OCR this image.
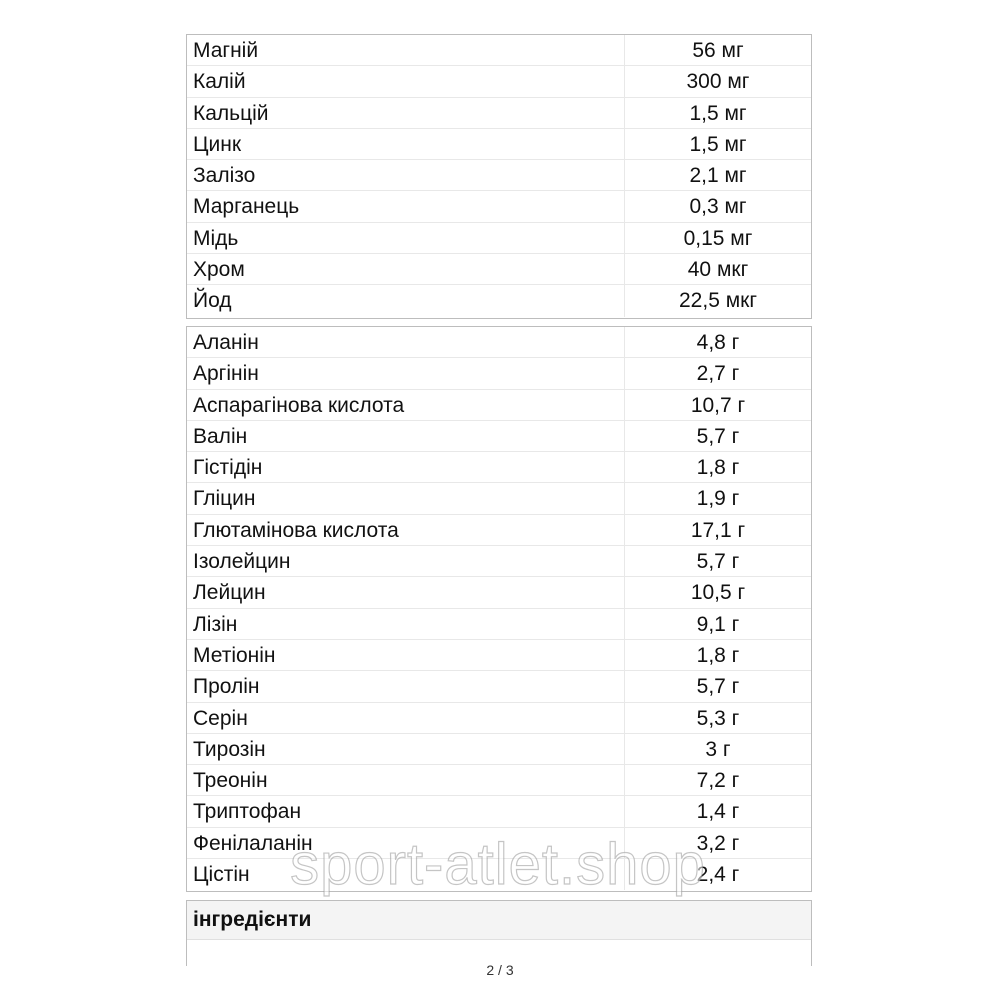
Магній	56 мг
Калій	300 мг
Кальцій	1,5 мг
Цинк	1,5 мг
Залізо	2,1 мг
Марганець	0,3 мг
Мідь	0,15 мг
Хром	40 мкг
Йод	22,5 мкг
Аланін	4,8 г
Аргінін	2,7 г
Аспарагінова кислота	10,7 г
Валін	5,7 г
Гістідін	1,8 г
Гліцин	1,9 г
Глютамінова кислота	17,1 г
Ізолейцин	5,7 г
Лейцин	10,5 г
Лізін	9,1 г
Метіонін	1,8 г
Пролін	5,7 г
Серін	5,3 г
Тирозін	3 г
Треонін	7,2 г
Триптофан	1,4 г
Фенілаланін	3,2 г
Цістін	2,4 г
інгредієнти
sport-atlet.shop
2 / 3
